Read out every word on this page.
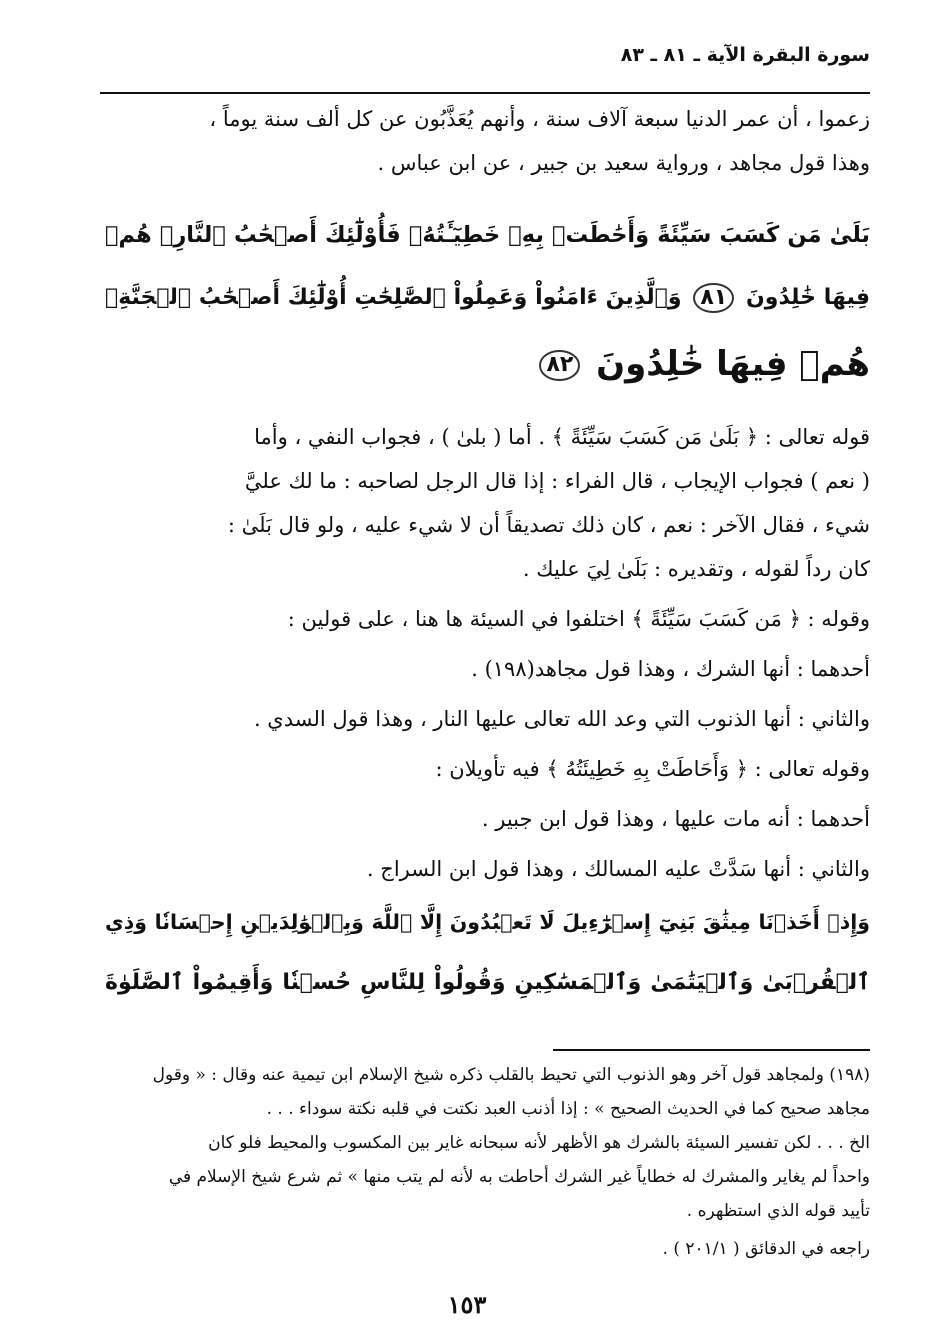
سورة البقرة الآية ـ ٨١ ـ ٨٣
زعموا ، أن عمر الدنيا سبعة آلاف سنة ، وأنهم يُعَذَّبُون عن كل ألف سنة يوماً ،
وهذا قول مجاهد ، ورواية سعيد بن جبير ، عن ابن عباس .
بَلَىٰ مَن كَسَبَ سَيِّئَةً وَأَحَٰطَتۡ بِهِۦ خَطِيٓـَٔتُهُۥ فَأُوْلَٰٓئِكَ أَصۡحَٰبُ ٱلنَّارِۖ هُمۡ
فِيهَا خَٰلِدُونَ ٨١ وَٱلَّذِينَ ءَامَنُواْ وَعَمِلُواْ ٱلصَّٰلِحَٰتِ أُوْلَٰٓئِكَ أَصۡحَٰبُ ٱلۡجَنَّةِۖ
هُمۡ فِيهَا خَٰلِدُونَ ٨٢
قوله تعالى : ﴿ بَلَىٰ مَن كَسَبَ سَيِّئَةً ﴾ . أما ( بلىٰ ) ، فجواب النفي ، وأما
( نعم ) فجواب الإيجاب ، قال الفراء : إذا قال الرجل لصاحبه : ما لك عليَّ
شيء ، فقال الآخر : نعم ، كان ذلك تصديقاً أن لا شيء عليه ، ولو قال بَلَىٰ :
كان رداً لقوله ، وتقديره : بَلَىٰ لِيَ عليك .
وقوله : ﴿ مَن كَسَبَ سَيِّئَةً ﴾ اختلفوا في السيئة ها هنا ، على قولين :
أحدهما : أنها الشرك ، وهذا قول مجاهد(١٩٨) .
والثاني : أنها الذنوب التي وعد الله تعالى عليها النار ، وهذا قول السدي .
وقوله تعالى : ﴿ وَأَحَاطَتْ بِهِ خَطِيئَتُهُ ﴾ فيه تأويلان :
أحدهما : أنه مات عليها ، وهذا قول ابن جبير .
والثاني : أنها سَدَّتْ عليه المسالك ، وهذا قول ابن السراج .
وَإِذۡ أَخَذۡنَا مِيثَٰقَ بَنِيٓ إِسۡرَٰٓءِيلَ لَا تَعۡبُدُونَ إِلَّا ٱللَّهَ وَبِٱلۡوَٰلِدَيۡنِ إِحۡسَانٗا وَذِي
ٱلۡقُرۡبَىٰ وَٱلۡيَتَٰمَىٰ وَٱلۡمَسَٰكِينِ وَقُولُواْ لِلنَّاسِ حُسۡنٗا وَأَقِيمُواْ ٱلصَّلَوٰةَ
(١٩٨) ولمجاهد قول آخر وهو الذنوب التي تحيط بالقلب ذكره شيخ الإسلام ابن تيمية عنه وقال : « وقول
مجاهد صحيح كما في الحديث الصحيح » : إذا أذنب العبد نكتت في قلبه نكتة سوداء . . .
الخ . . . لكن تفسير السيئة بالشرك هو الأظهر لأنه سبحانه غاير بين المكسوب والمحيط فلو كان
واحداً لم يغاير والمشرك له خطاياً غير الشرك أحاطت به لأنه لم يتب منها » ثم شرع شيخ الإسلام في
تأييد قوله الذي استظهره .
راجعه في الدقائق ( ٢٠١/١ ) .
١٥٣
